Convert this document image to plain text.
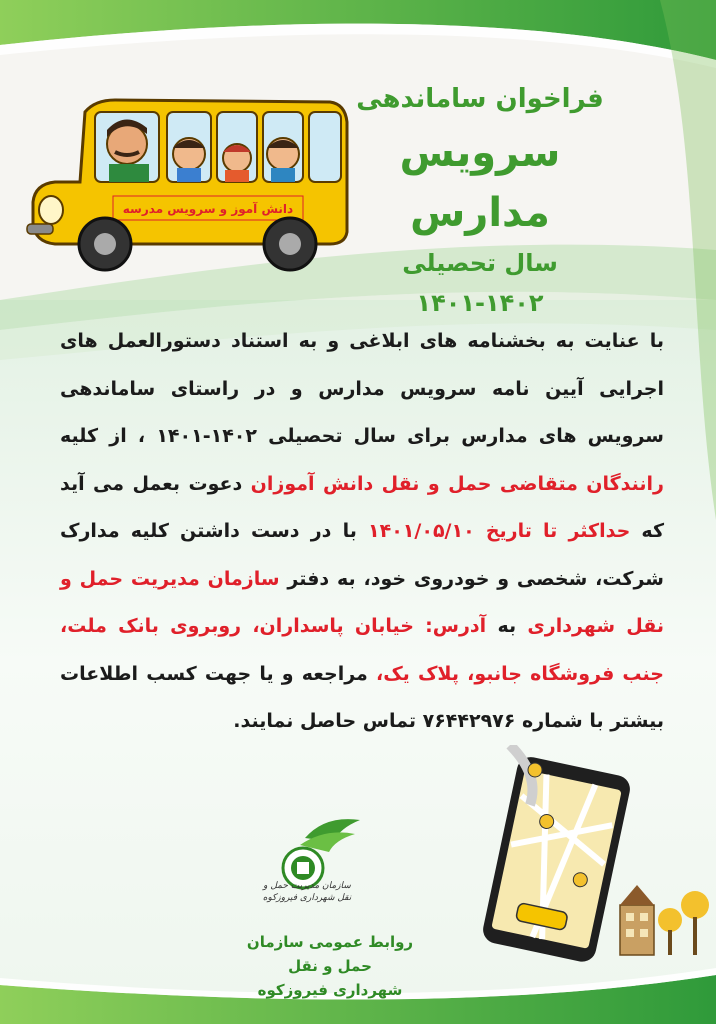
دانش آموز و سرویس مدرسه
فراخوان ساماندهی
سرویس مدارس
سال تحصیلی ۱۴۰۲-۱۴۰۱
با عنایت به بخشنامه های ابلاغی و به استناد دستورالعمل های اجرایی آیین نامه سرویس مدارس و در راستای ساماندهی سرویس های مدارس برای سال تحصیلی ۱۴۰۲-۱۴۰۱ ، از کلیه رانندگان متقاضی حمل و نقل دانش آموزان دعوت بعمل می آید که حداکثر تا تاریخ ۱۴۰۱/۰۵/۱۰ با در دست داشتن کلیه مدارک شرکت، شخصی و خودروی خود، به دفتر سازمان مدیریت حمل و نقل شهرداری به آدرس: خیابان پاسداران، روبروی بانک ملت، جنب فروشگاه جانبو، پلاک یک، مراجعه و یا جهت کسب اطلاعات بیشتر با شماره ۷۶۴۴۲۹۷۶ تماس حاصل نمایند.
سازمان مدیریت حمل و نقل شهرداری فیروزکوه
روابط عمومی سازمان حمل و نقل
شهرداری فیروزکوه
